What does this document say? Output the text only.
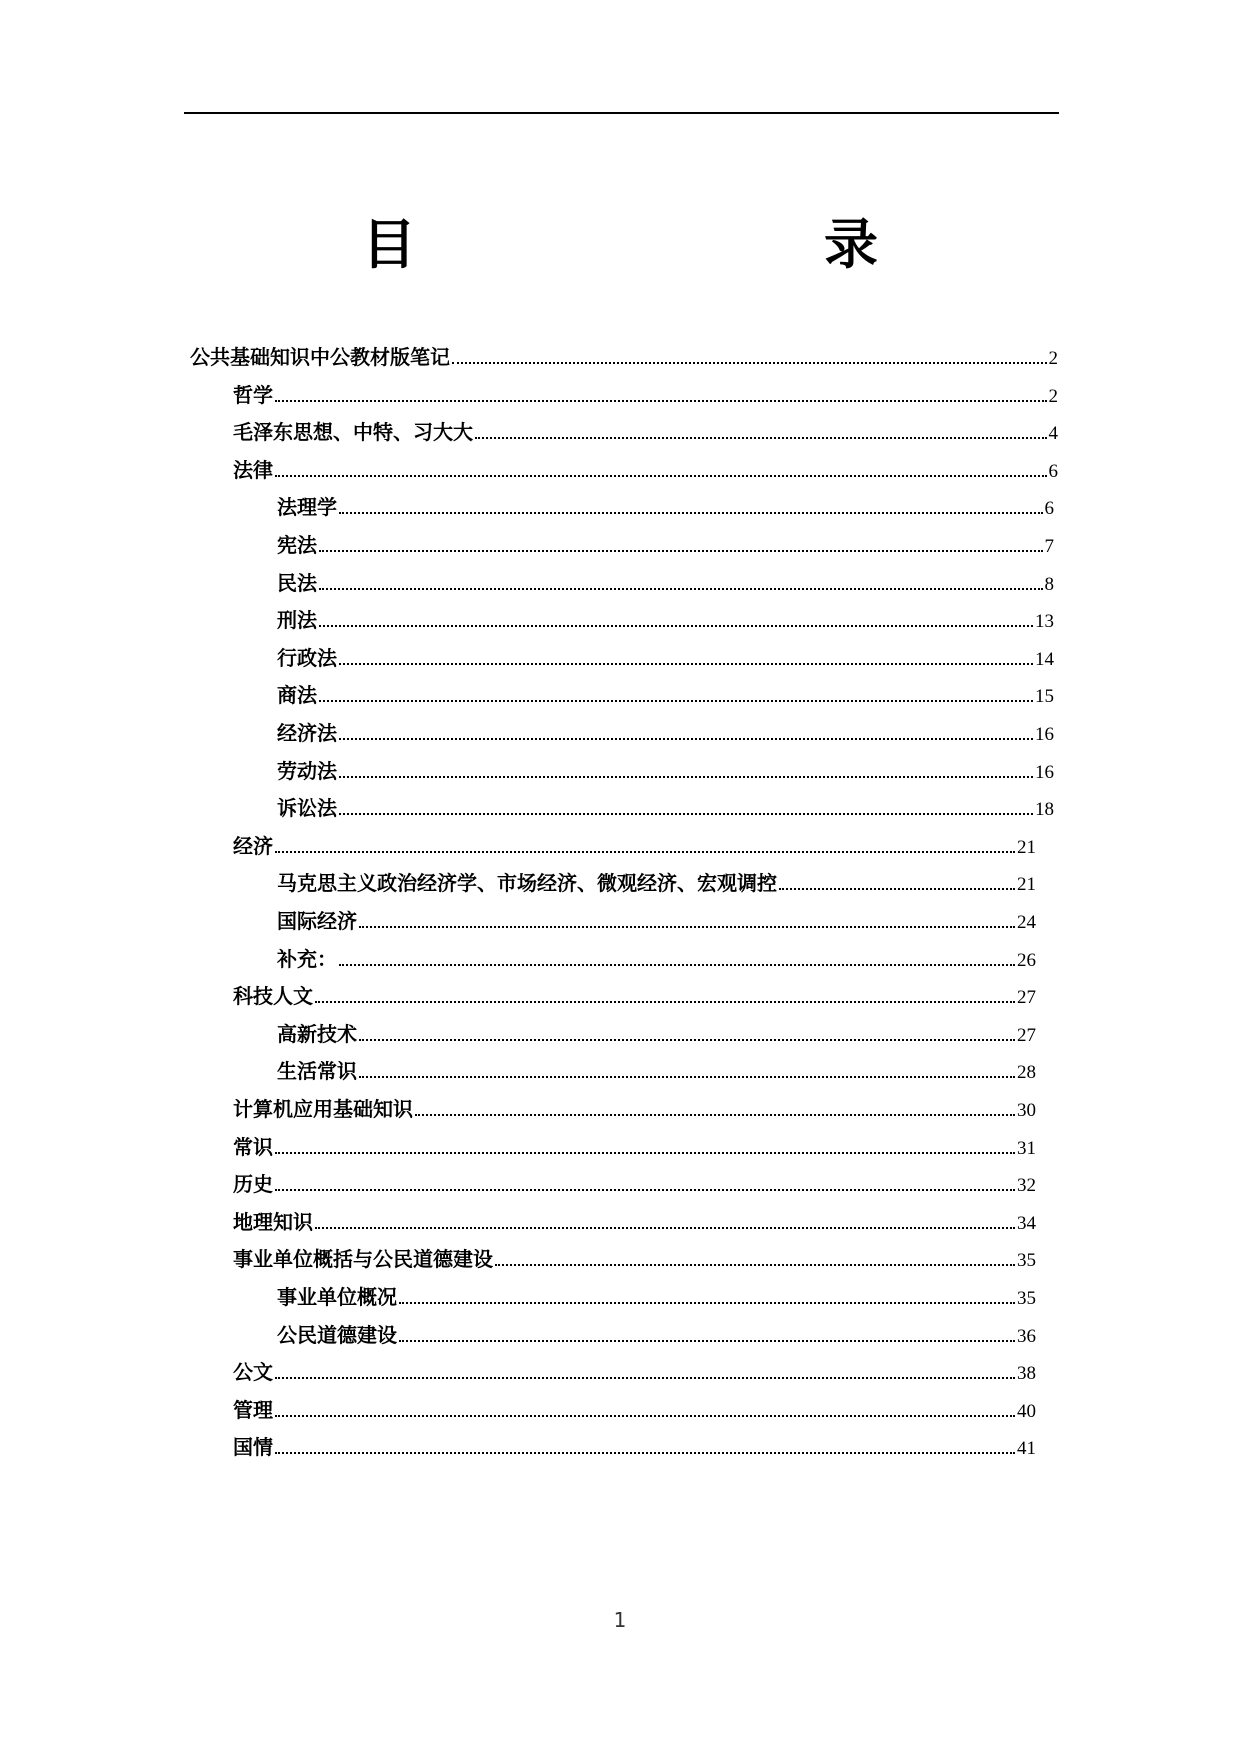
目　　录
公共基础知识中公教材版笔记	2
哲学	2
毛泽东思想、中特、习大大	4
法律	6
法理学	6
宪法	7
民法	8
刑法	13
行政法	14
商法	15
经济法	16
劳动法	16
诉讼法	18
经济	21
马克思主义政治经济学、市场经济、微观经济、宏观调控	21
国际经济	24
补充：	26
科技人文	27
高新技术	27
生活常识	28
计算机应用基础知识	30
常识	31
历史	32
地理知识	34
事业单位概括与公民道德建设	35
事业单位概况	35
公民道德建设	36
公文	38
管理	40
国情	41
1
